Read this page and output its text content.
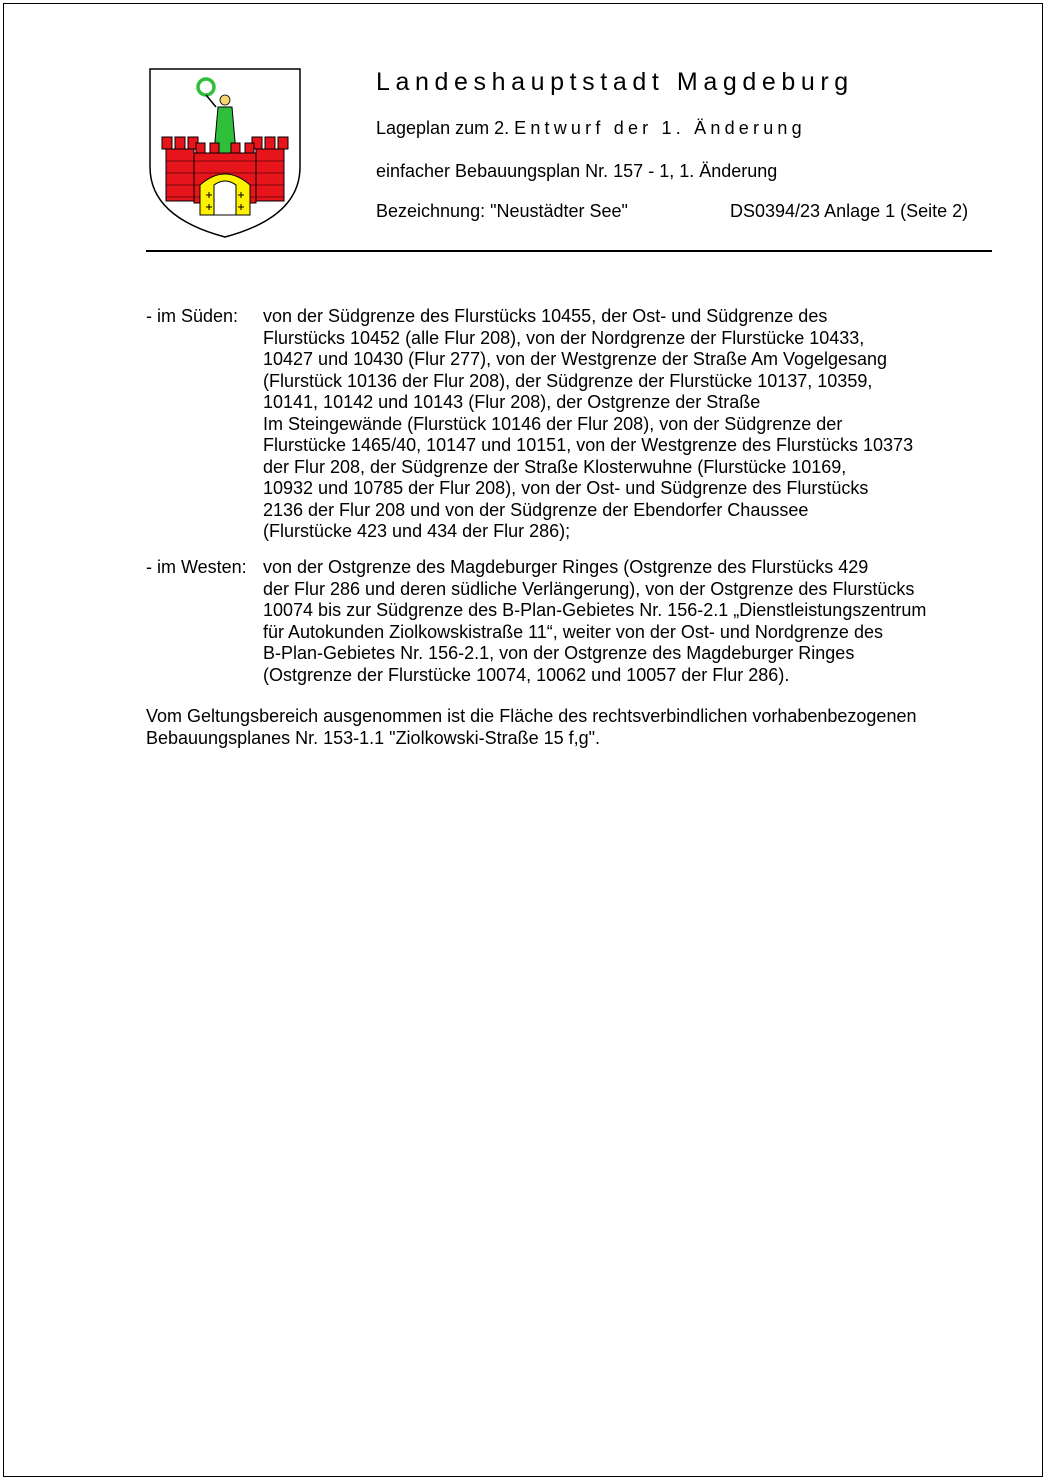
Landeshauptstadt Magdeburg
Lageplan zum 2. Entwurf der 1. Änderung
einfacher Bebauungsplan Nr. 157 - 1, 1. Änderung
Bezeichnung: "Neustädter See"	DS0394/23 Anlage 1 (Seite 2)
- im Süden: von der Südgrenze des Flurstücks 10455, der Ost- und Südgrenze des
Flurstücks 10452 (alle Flur 208), von der Nordgrenze der Flurstücke 10433,
10427 und 10430 (Flur 277), von der Westgrenze der Straße Am Vogelgesang
(Flurstück 10136 der Flur 208), der Südgrenze der Flurstücke 10137, 10359,
10141, 10142 und 10143 (Flur 208), der Ostgrenze der Straße
Im Steingewände (Flurstück 10146 der Flur 208), von der Südgrenze der
Flurstücke 1465/40, 10147 und 10151, von der Westgrenze des Flurstücks 10373
der Flur 208, der Südgrenze der Straße Klosterwuhne (Flurstücke 10169,
10932 und 10785 der Flur 208), von der Ost- und Südgrenze des Flurstücks
2136 der Flur 208 und von der Südgrenze der Ebendorfer Chaussee
(Flurstücke 423 und 434 der Flur 286);
- im Westen: von der Ostgrenze des Magdeburger Ringes (Ostgrenze des Flurstücks 429
der Flur 286 und deren südliche Verlängerung), von der Ostgrenze des Flurstücks
10074 bis zur Südgrenze des B-Plan-Gebietes Nr. 156-2.1 „Dienstleistungszentrum
für Autokunden Ziolkowskistraße 11“, weiter von der Ost- und Nordgrenze des
B-Plan-Gebietes Nr. 156-2.1, von der Ostgrenze des Magdeburger Ringes
(Ostgrenze der Flurstücke 10074, 10062 und 10057 der Flur 286).
Vom Geltungsbereich ausgenommen ist die Fläche des rechtsverbindlichen vorhabenbezogenen
Bebauungsplanes Nr. 153-1.1 "Ziolkowski-Straße 15 f,g".
